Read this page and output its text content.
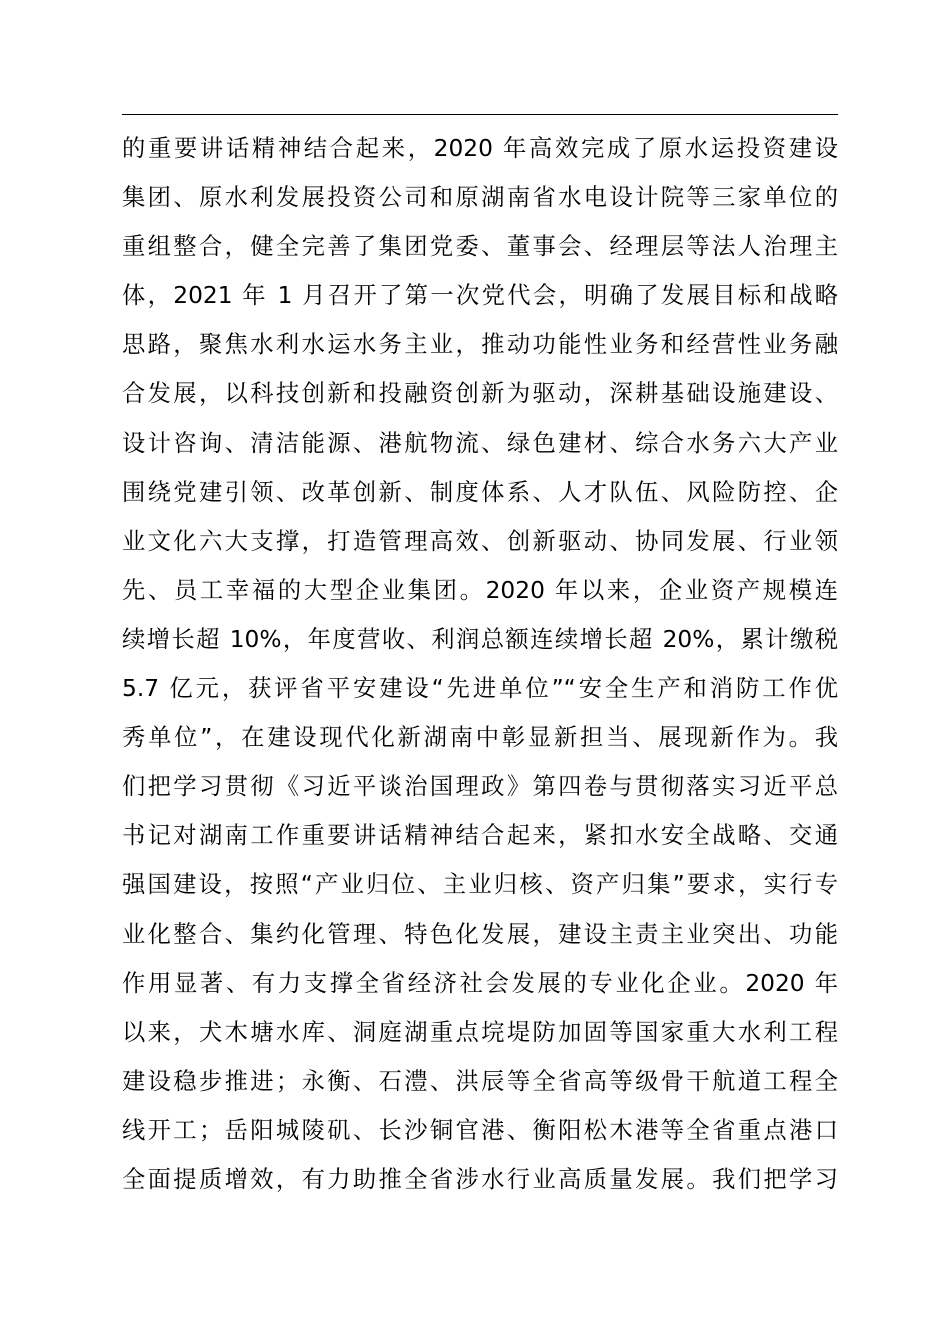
的重要讲话精神结合起来，2020 年高效完成了原水运投资建设
集团、原水利发展投资公司和原湖南省水电设计院等三家单位的
重组整合，健全完善了集团党委、董事会、经理层等法人治理主
体，2021 年 1 月召开了第一次党代会，明确了发展目标和战略
思路，聚焦水利水运水务主业，推动功能性业务和经营性业务融
合发展，以科技创新和投融资创新为驱动，深耕基础设施建设、
设计咨询、清洁能源、港航物流、绿色建材、综合水务六大产业
围绕党建引领、改革创新、制度体系、人才队伍、风险防控、企
业文化六大支撑，打造管理高效、创新驱动、协同发展、行业领
先、员工幸福的大型企业集团。2020 年以来，企业资产规模连
续增长超 10%，年度营收、利润总额连续增长超 20%，累计缴税
5.7 亿元，获评省平安建设“先进单位”“安全生产和消防工作优
秀单位”，在建设现代化新湖南中彰显新担当、展现新作为。我
们把学习贯彻《习近平谈治国理政》第四卷与贯彻落实习近平总
书记对湖南工作重要讲话精神结合起来，紧扣水安全战略、交通
强国建设，按照“产业归位、主业归核、资产归集”要求，实行专
业化整合、集约化管理、特色化发展，建设主责主业突出、功能
作用显著、有力支撑全省经济社会发展的专业化企业。2020 年
以来，犬木塘水库、洞庭湖重点垸堤防加固等国家重大水利工程
建设稳步推进；永衡、石澧、洪辰等全省高等级骨干航道工程全
线开工；岳阳城陵矶、长沙铜官港、衡阳松木港等全省重点港口
全面提质增效，有力助推全省涉水行业高质量发展。我们把学习
